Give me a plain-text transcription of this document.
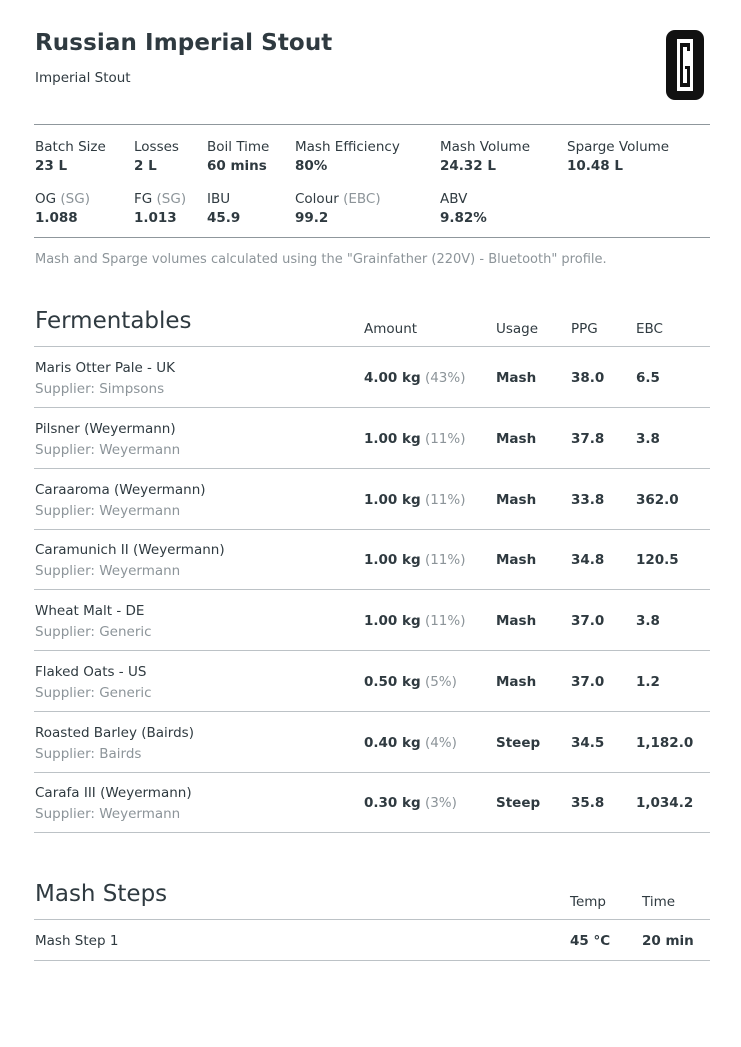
Russian Imperial Stout
Imperial Stout
Batch Size
23 L
Losses
2 L
Boil Time
60 mins
Mash Efficiency
80%
Mash Volume
24.32 L
Sparge Volume
10.48 L
OG (SG)
1.088
FG (SG)
1.013
IBU
45.9
Colour (EBC)
99.2
ABV
9.82%
Mash and Sparge volumes calculated using the "Grainfather (220V) - Bluetooth" profile.
Fermentables	Amount	Usage PPG	EBC
Maris Otter Pale - UK
Supplier: Simpsons
4.00 kg (43%) Mash	38.0 6.5
Pilsner (Weyermann)
Supplier: Weyermann
1.00 kg (11%) Mash	37.8 3.8
Caraaroma (Weyermann)
Supplier: Weyermann
1.00 kg (11%) Mash	33.8 362.0
Caramunich II (Weyermann)
Supplier: Weyermann
1.00 kg (11%) Mash	34.8 120.5
Wheat Malt - DE
Supplier: Generic
1.00 kg (11%) Mash	37.0 3.8
Flaked Oats - US
Supplier: Generic
0.50 kg (5%)	Mash	37.0 1.2
Roasted Barley (Bairds)
Supplier: Bairds
0.40 kg (4%)	Steep 34.5 1,182.0
Carafa III (Weyermann)
Supplier: Weyermann
0.30 kg (3%)	Steep 35.8 1,034.2
Mash Steps	Temp	Time
Mash Step 1	45 °C 20 min
